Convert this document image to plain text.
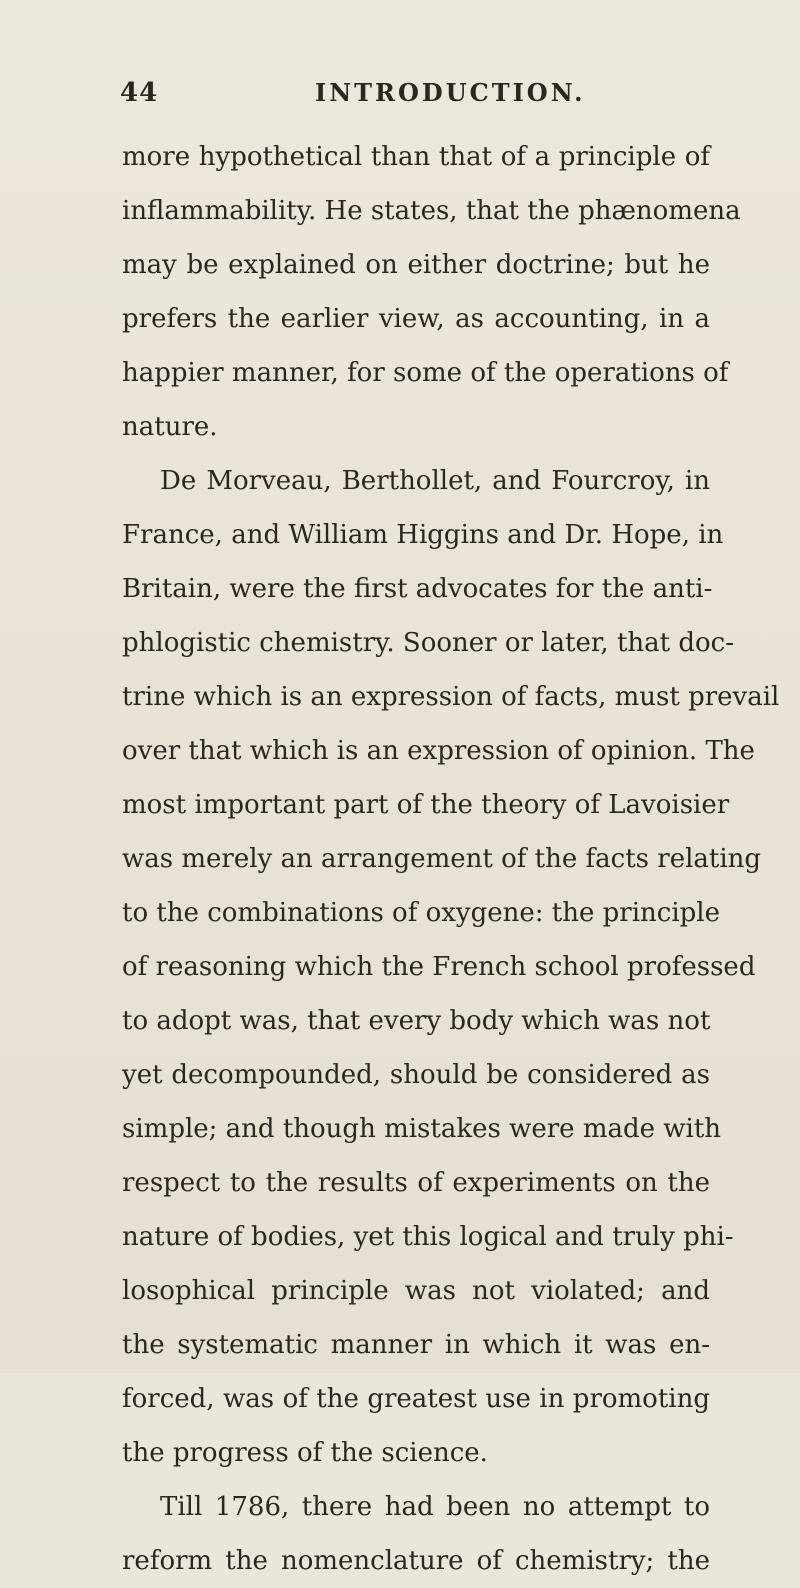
44	INTRODUCTION.
more hypothetical than that of a principle of
inflammability. He states, that the phænomena
may be explained on either doctrine; but he
prefers the earlier view, as accounting, in a
happier manner, for some of the operations of
nature.
De Morveau, Berthollet, and Fourcroy, in
France, and William Higgins and Dr. Hope, in
Britain, were the first advocates for the anti-
phlogistic chemistry. Sooner or later, that doc-
trine which is an expression of facts, must prevail
over that which is an expression of opinion. The
most important part of the theory of Lavoisier
was merely an arrangement of the facts relating
to the combinations of oxygene: the principle
of reasoning which the French school professed
to adopt was, that every body which was not
yet decompounded, should be considered as
simple; and though mistakes were made with
respect to the results of experiments on the
nature of bodies, yet this logical and truly phi-
losophical principle was not violated; and
the systematic manner in which it was en-
forced, was of the greatest use in promoting
the progress of the science.
Till 1786, there had been no attempt to
reform the nomenclature of chemistry; the
